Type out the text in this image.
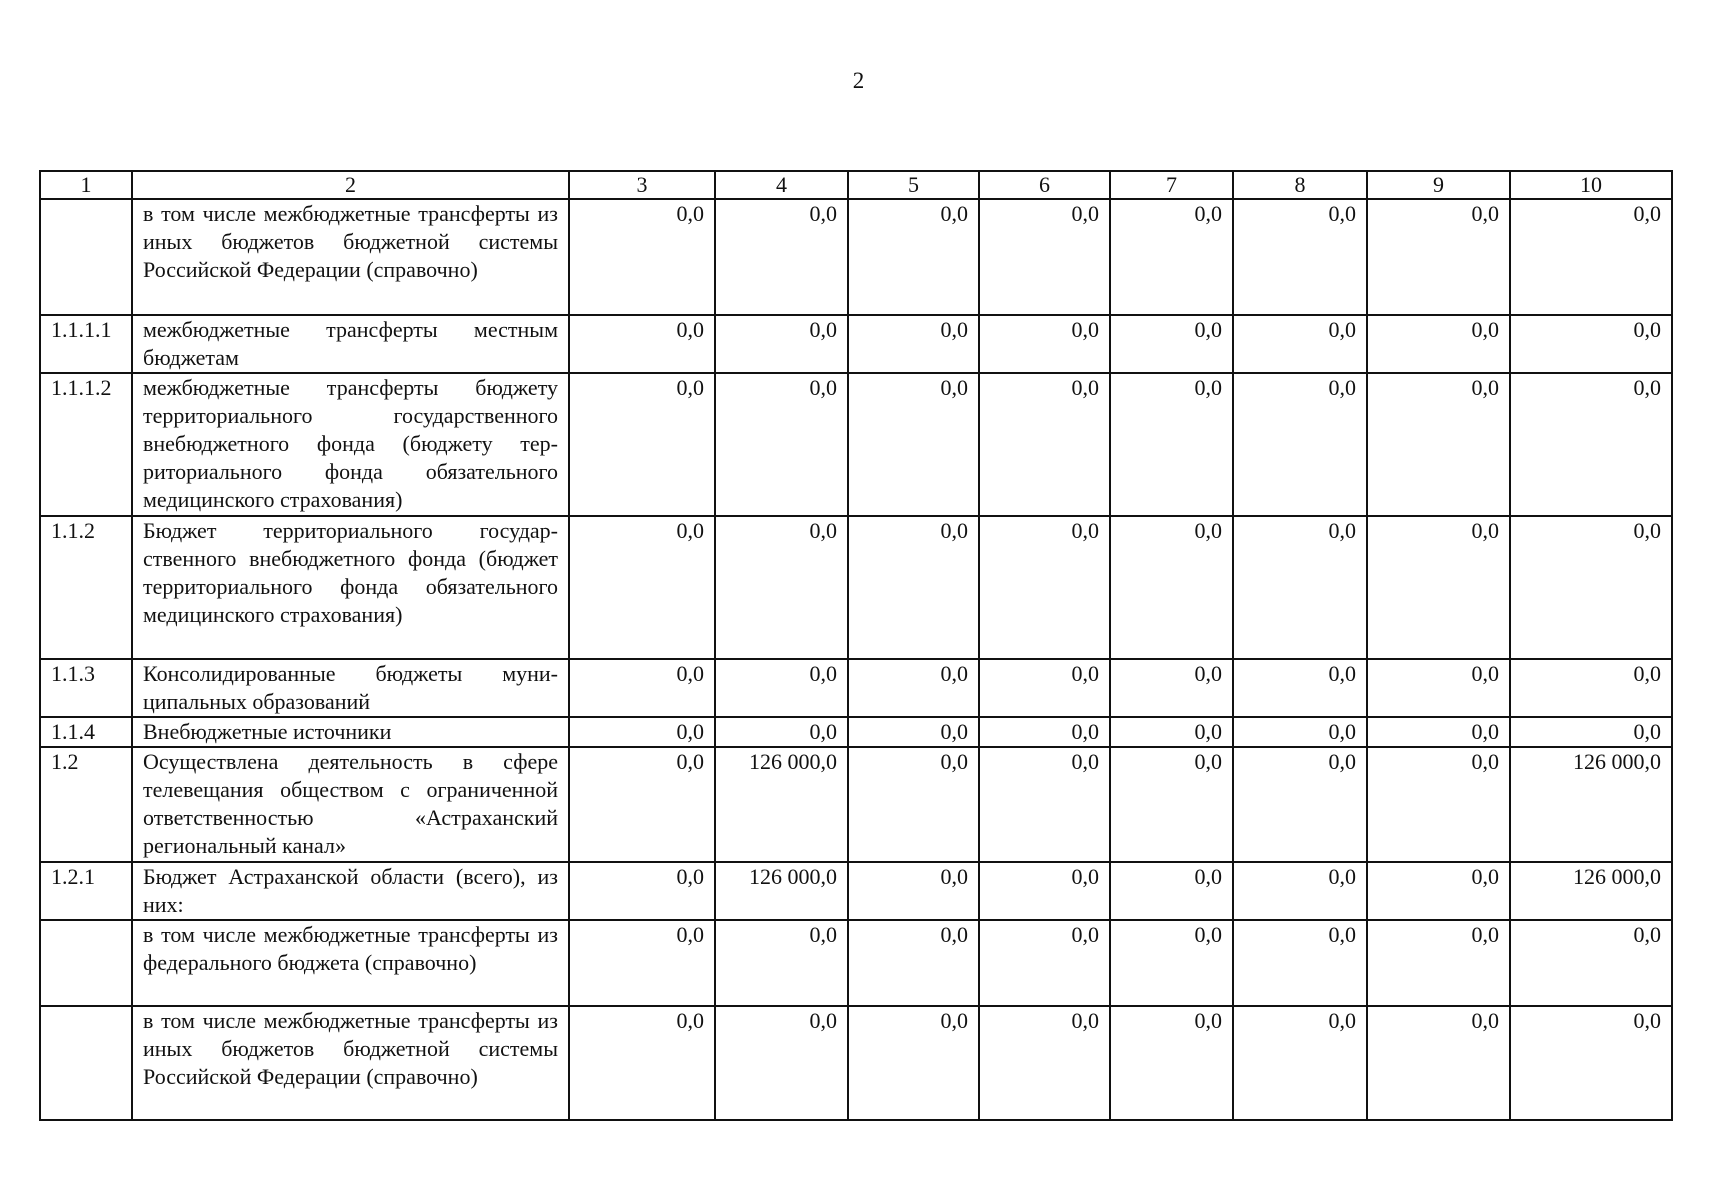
2
1	2	3	4	5	6	7	8	9	10
	в том числе межбюджетные трансферты из иных бюджетов бюджетной системы Российской Федерации (справочно)	0,0	0,0	0,0	0,0	0,0	0,0	0,0	0,0
1.1.1.1	межбюджетные трансферты местным бюджетам	0,0	0,0	0,0	0,0	0,0	0,0	0,0	0,0
1.1.1.2	межбюджетные трансферты бюджету территориального государственного внебюджетного фонда (бюджету территориального фонда обязательного медицинского страхования)	0,0	0,0	0,0	0,0	0,0	0,0	0,0	0,0
1.1.2	Бюджет территориального государственного внебюджетного фонда (бюджет территориального фонда обязательного медицинского страхования)	0,0	0,0	0,0	0,0	0,0	0,0	0,0	0,0
1.1.3	Консолидированные бюджеты муниципальных образований	0,0	0,0	0,0	0,0	0,0	0,0	0,0	0,0
1.1.4	Внебюджетные источники	0,0	0,0	0,0	0,0	0,0	0,0	0,0	0,0
1.2	Осуществлена деятельность в сфере телевещания обществом с ограниченной ответственностью «Астраханский региональный канал»	0,0	126 000,0	0,0	0,0	0,0	0,0	0,0	126 000,0
1.2.1	Бюджет Астраханской области (всего), из них:	0,0	126 000,0	0,0	0,0	0,0	0,0	0,0	126 000,0
	в том числе межбюджетные трансферты из федерального бюджета (справочно)	0,0	0,0	0,0	0,0	0,0	0,0	0,0	0,0
	в том числе межбюджетные трансферты из иных бюджетов бюджетной системы Российской Федерации (справочно)	0,0	0,0	0,0	0,0	0,0	0,0	0,0	0,0
